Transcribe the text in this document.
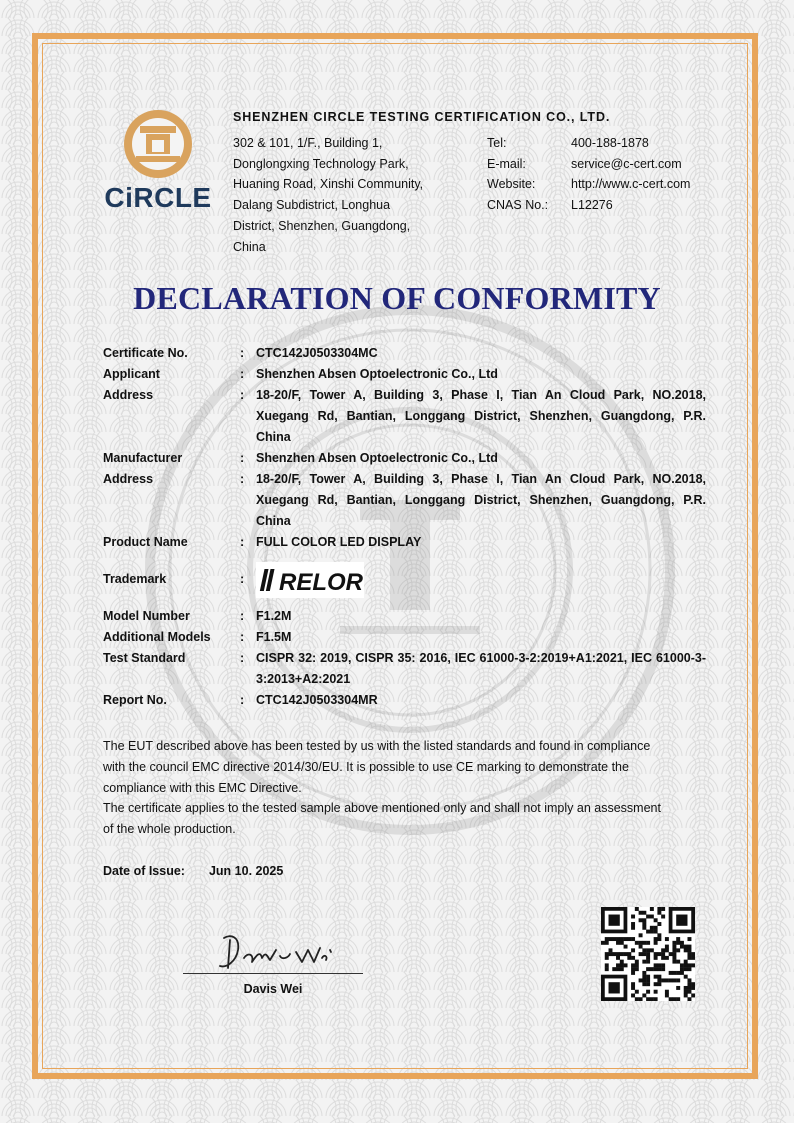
CiRCLE
SHENZHEN CIRCLE TESTING CERTIFICATION CO., LTD.
302 & 101, 1/F., Building 1,
Donglongxing Technology Park,
Huaning Road, Xinshi Community,
Dalang Subdistrict, Longhua
District, Shenzhen, Guangdong,
China
Tel:	400-188-1878
E-mail:	service@c-cert.com
Website:	http://www.c-cert.com
CNAS No.:	L12276
DECLARATION OF CONFORMITY
Certificate No.	: CTC142J0503304MC
Applicant	: Shenzhen Absen Optoelectronic Co., Ltd
Address	: 18-20/F, Tower A, Building 3, Phase I, Tian An Cloud Park, NO.2018, Xuegang Rd, Bantian, Longgang District, Shenzhen, Guangdong, P.R. China
Manufacturer	: Shenzhen Absen Optoelectronic Co., Ltd
Address	: 18-20/F, Tower A, Building 3, Phase I, Tian An Cloud Park, NO.2018, Xuegang Rd, Bantian, Longgang District, Shenzhen, Guangdong, P.R. China
Product Name	: FULL COLOR LED DISPLAY
Trademark	:	RELOR
Model Number	: F1.2M
Additional Models	: F1.5M
Test Standard	: CISPR 32: 2019, CISPR 35: 2016, IEC 61000-3-2:2019+A1:2021, IEC 61000-3-3:2013+A2:2021
Report No.	: CTC142J0503304MR
The EUT described above has been tested by us with the listed standards and found in compliance with the council EMC directive 2014/30/EU. It is possible to use CE marking to demonstrate the compliance with this EMC Directive.
The certificate applies to the tested sample above mentioned only and shall not imply an assessment of the whole production.
Date of Issue: Jun 10. 2025
Davis Wei
